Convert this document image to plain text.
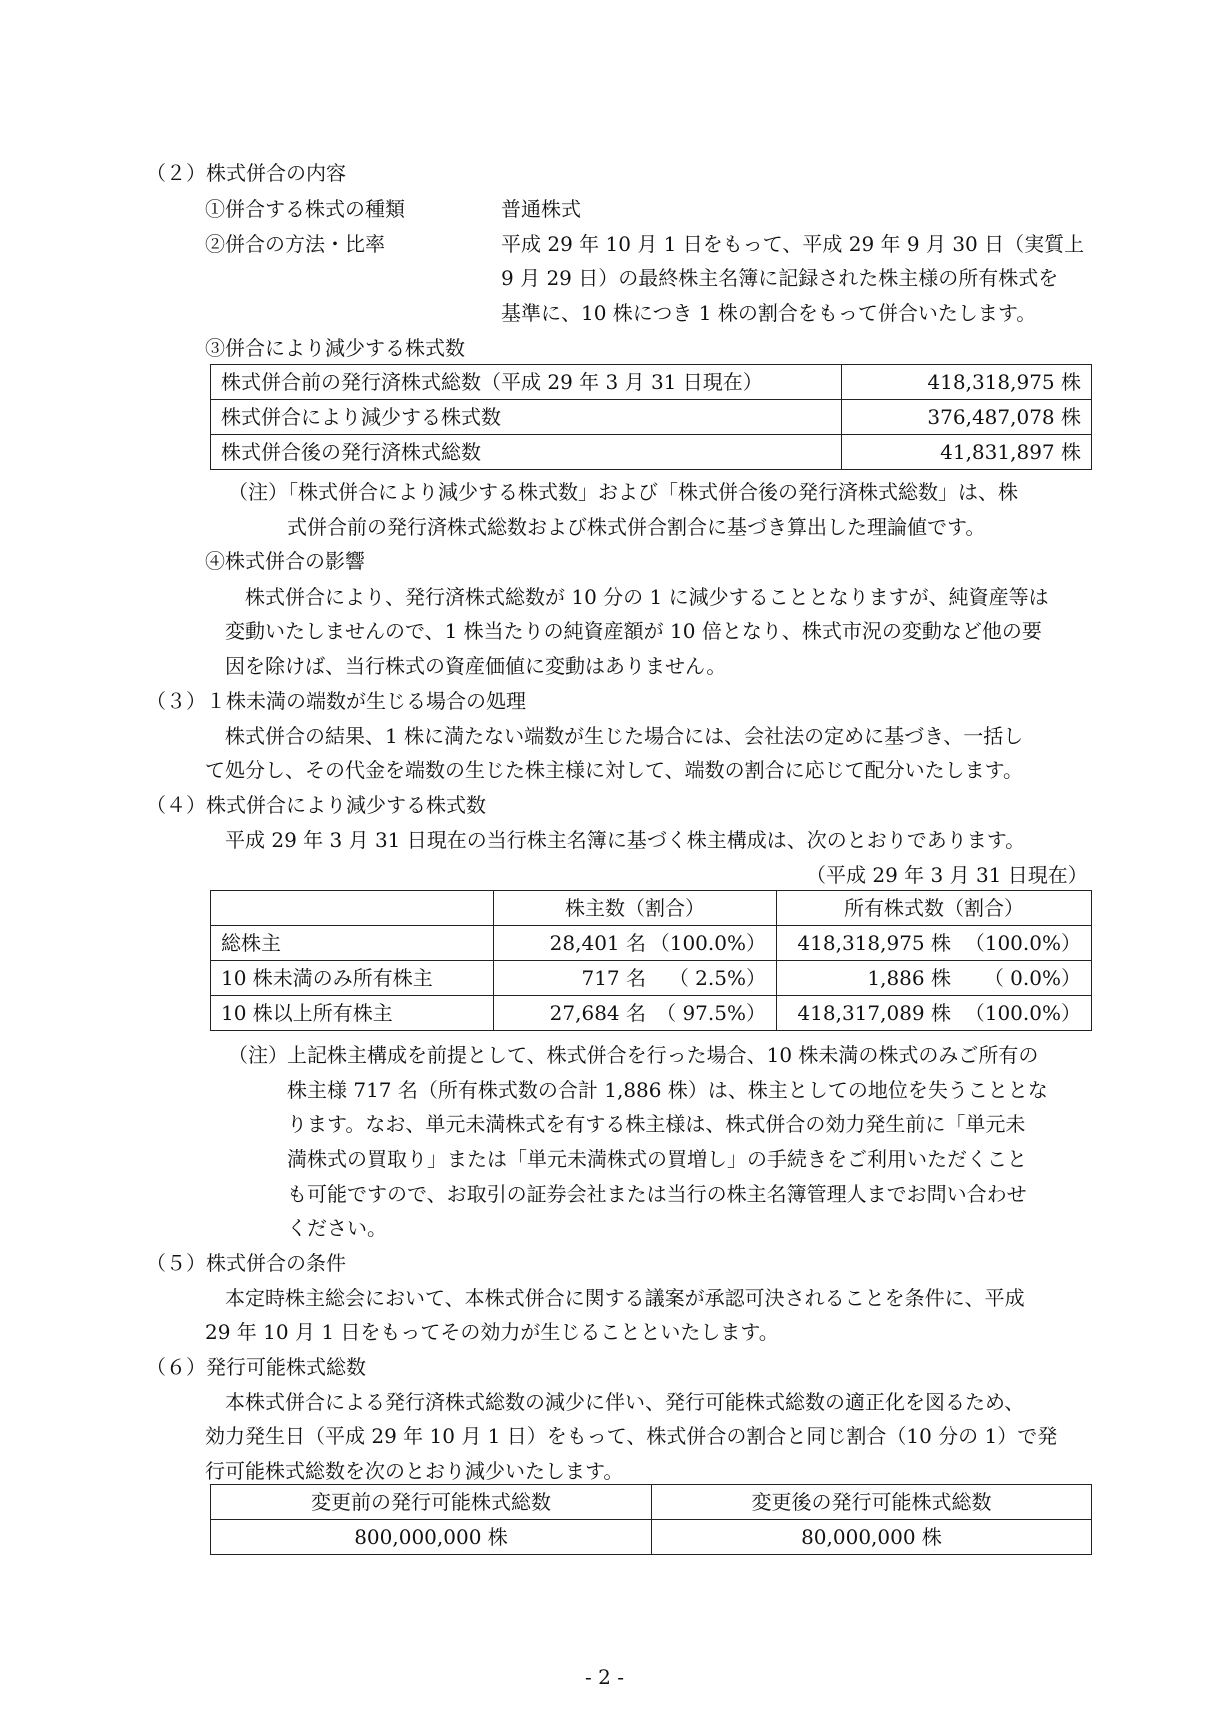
（２）株式併合の内容
①併合する株式の種類	普通株式
②併合の方法・比率	平成 29 年 10 月 1 日をもって、平成 29 年 9 月 30 日（実質上
9 月 29 日）の最終株主名簿に記録された株主様の所有株式を
基準に、10 株につき 1 株の割合をもって併合いたします。
③併合により減少する株式数
株式併合前の発行済株式総数（平成 29 年 3 月 31 日現在）	418,318,975 株
株式併合により減少する株式数	376,487,078 株
株式併合後の発行済株式総数	41,831,897 株
（注）「株式併合により減少する株式数」および「株式併合後の発行済株式総数」は、株
式併合前の発行済株式総数および株式併合割合に基づき算出した理論値です。
④株式併合の影響
株式併合により、発行済株式総数が 10 分の 1 に減少することとなりますが、純資産等は
変動いたしませんので、1 株当たりの純資産額が 10 倍となり、株式市況の変動など他の要
因を除けば、当行株式の資産価値に変動はありません。
（３）１株未満の端数が生じる場合の処理
株式併合の結果、1 株に満たない端数が生じた場合には、会社法の定めに基づき、一括し
て処分し、その代金を端数の生じた株主様に対して、端数の割合に応じて配分いたします。
（４）株式併合により減少する株式数
平成 29 年 3 月 31 日現在の当行株主名簿に基づく株主構成は、次のとおりであります。
（平成 29 年 3 月 31 日現在）
	株主数（割合）	所有株式数（割合）
総株主	28,401 名 （100.0%）	418,318,975 株 （100.0%）
10 株未満のみ所有株主	717 名 （ 2.5%）	1,886 株 （ 0.0%）
10 株以上所有株主	27,684 名 （ 97.5%）	418,317,089 株 （100.0%）
（注） 上記株主構成を前提として、株式併合を行った場合、10 株未満の株式のみご所有の
株主様 717 名（所有株式数の合計 1,886 株）は、株主としての地位を失うこととな
ります。なお、単元未満株式を有する株主様は、株式併合の効力発生前に「単元未
満株式の買取り」または「単元未満株式の買増し」の手続きをご利用いただくこと
も可能ですので、お取引の証券会社または当行の株主名簿管理人までお問い合わせ
ください。
（５）株式併合の条件
本定時株主総会において、本株式併合に関する議案が承認可決されることを条件に、平成
29 年 10 月 1 日をもってその効力が生じることといたします。
（６）発行可能株式総数
本株式併合による発行済株式総数の減少に伴い、発行可能株式総数の適正化を図るため、
効力発生日（平成 29 年 10 月 1 日）をもって、株式併合の割合と同じ割合（10 分の 1）で発
行可能株式総数を次のとおり減少いたします。
変更前の発行可能株式総数	変更後の発行可能株式総数
800,000,000 株	80,000,000 株
- 2 -
